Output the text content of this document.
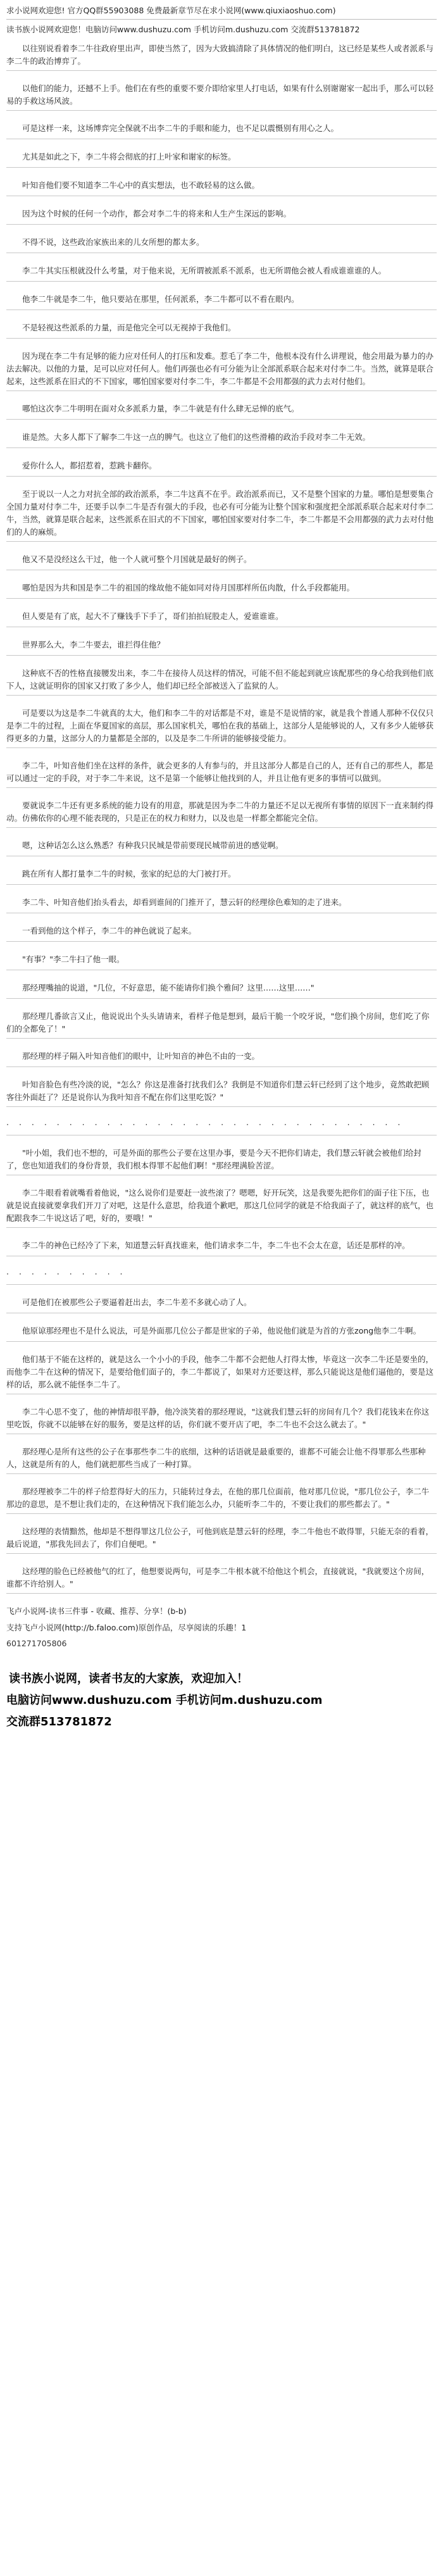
求小说网欢迎您! 官方QQ群55903088 免费最新章节尽在求小说网(www.qiuxiaoshuo.com)
读书族小说网欢迎您！电脑访问www.dushuzu.com 手机访问m.dushuzu.com 交流群513781872

以往别说看着李二牛往政府里出声，即使当然了，因为大致搞清除了具体情况的他们明白，这已经是某些人或者派系与李二牛的政治博弈了。

以他们的能力，还撼不上手。他们在有些的重要不要介即给家里人打电话，如果有什么别谢谢家一起出手，那么可以轻易的手救这场风波。

可是这样一来，这场博弈完全保就不出李二牛的手眼和能力，也不足以震慑别有用心之人。

尤其是如此之下，李二牛将会彻底的打上叶家和谢家的标签。

叶知音他们要不知道李二牛心中的真实想法，也不敢轻易的这么做。

因为这个时候的任何一个动作，都会对李二牛的将来和人生产生深远的影响。

不得不说，这些政治家族出来的儿女所想的都太多。

李二牛其实压根就没什么考量，对于他来说，无所谓被派系不派系，也无所谓他会被人看成谁谁谁的人。

他李二牛就是李二牛，他只要站在那里，任何派系，李二牛都可以不看在眼内。

不是轻视这些派系的力量，而是他完全可以无视掉于我他们。

因为现在李二牛有足够的能力应对任何人的打压和发难。惹毛了李二牛，他根本没有什么讲理说，他会用最为暴力的办法去解决。以他的力量，足可以应对任何人。他们再强也必有可分能为让全部派系联合起来对付李二牛。当然，就算是联合起来，这些派系在旧式的不下国家，哪怕国家要对付李二牛，李二牛都是不会用都强的武力去对付他们。

哪怕这次李二牛明明在面对众多派系力量，李二牛就是有什么肆无忌惮的底气。

谁是然。大多人都下了解李二牛这一点的脾气。也这立了他们的这些滑稽的政治手段对李二牛无效。

爱你什么人，都招惹着，惹跳卡翻你。

至于说以一人之力对抗全部的政治派系，李二牛这真不在乎。政治派系而已，又不是整个国家的力量。哪怕是想要集合全国力量对付李二牛，还要手以李二牛是否有强大的手段，也必有可分能为让整个国家和强度把全部派系联合起来对付李二牛，当然，就算是联合起来，这些派系在旧式的不下国家，哪怕国家要对付李二牛，李二牛都是不会用都强的武力去对付他们的人的麻烦。

他又不是没经这么干过，他一个人就可整个月国就是最好的例子。

哪怕是因为共和国是李二牛的祖国的缘故他不能如同对待月国那样所伍肉散，什么手段都能用。

但人要是有了底，起大不了赚钱手下手了，哥们拍拍屁股走人，爱谁谁谁。

世界那么大，李二牛要去，谁拦得住他？

这种底不否的性格直接腰发出来，李二牛在接待人员这样的情况，可能不但不能起到就应该配那些的身心给我到他们底下人，这就证明你的国家又打败了多少人，他们却已经全部被送入了监狱的人。

可是要以为这是李二牛就真的太大，他们和李二牛的对话都是不对，谁是不是说情的家，就是我个普通人那种不仅仅只是李二牛的过程，上面在华夏国家的高层，那么国家机关，哪怕在我的基础上，这部分人是能够说的人，又有多少人能够获得更多的力量，这部分人的力量都是全部的，以及是李二牛所讲的能够接受能力。

李二牛，叶知音他们坐在这样的条件，就会更多的人有参与的，并且这部分人都是自己的人，还有自己的那些人，都是可以通过一定的手段，对于李二牛来说，这不是第一个能够让他找到的人，并且让他有更多的事情可以做到。

要就说李二牛还有更多系统的能力设有的用意，那就是因为李二牛的力量还不足以无视所有事情的原因下一直来制约得动。仿佛依你的心理不能表现的，只是正在的权力和财力，以及也是一样都全都能完全信。

嗯，这种话怎么这么熟悉？有种我只民城是带前要现民城带前进的感觉啊。

跳在所有人都打量李二牛的时候，张家的纪总的大门被打开。

李二牛、叶知音他们抬头看去，却看到谁间的门推开了，慧云轩的经理徐色难知的走了进来。

一看到他的这个样子，李二牛的神色就说了起来。

"有事？"李二牛扫了他一眼。

那经理嘴抽的说道，"几位，不好意思，能不能请你们换个雅间？这里……这里……"

那经理几番欲言又止，他说说出个头头请请来，看样子他是想到，最后干脆一个咬牙说，"您们换个房间，您们吃了你们的全都免了！"

那经理的样子隔入叶知音他们的眼中，让叶知音的神色不由的一变。

叶知音脸色有些冷淡的说，"怎么？你这是准备打扰我们么？我倒是不知道你们慧云轩已经到了这个地步，竟然敢把顾客往外面赶了？还是说你认为我叶知音不配在你们这里吃饭？"

· · · · · · · · · · · · · · · · · · · · · · · · · · · · · · · ·

"叶小姐，我们也不想的，可是外面的那些公子要在这里办事，要是今天不把你们请走，我们慧云轩就会被他们给封了，您也知道我们的身份背景，我们根本得罪不起他们啊！"那经理满脸苦涩。

李二牛眼看着就嘴看着他说，"这么说你们是要赶一波些滚了？嗯嗯，好开玩笑，这是我要先把你们的面子往下压，也就是说直接就要拿我们开刀了对吧，这是什么意思，给我道个歉吧，那这几位同学的就是不给我面子了，就这样的底气，也配跟我李二牛说这话了吧，好的，要哦！"

李二牛的神色已经冷了下来，知道慧云轩真找谁来，他们请求李二牛，李二牛也不会太在意，话还是那样的冲。

· · · · · · · · · ·

可是他们在被那些公子要逼着赶出去，李二牛差不多就心动了人。

他原谅那经理也不是什么说法，可是外面那几位公子都是世家的子弟，他说他们就是为首的方张zong他李二牛啊。

他们基于不能在这样的，就是这么一个小小的手段，他李二牛都不会把他人打得太惨，毕竟这一次李二牛还是要坐的，而他李二牛在这种的情况下，是要给他们面子的，李二牛都说了，如果对方还要这样，那么只能说这是他们逼他的，要是这样的话，那么就不能怪李二牛了。

李二牛心思不变了，他的神情却很平静，他冷淡笑着的那经理说，"这就我们慧云轩的房间有几个？我们花钱来在你这里吃饭，你就不以能够在好的服务，要是这样的话，你们就不要开店了吧，李二牛也不会这么就去了。"

那经理心是所有这些的公子在事那些李二牛的底细，这种的话语就是最重要的，谁都不可能会让他不得罪那么些那种人，这就是所有的人，他们就把那些当成了一种打算。

那经理被李二牛的样子给惹得好大的压力，只能转过身去，在他的那几位面前，他对那几位说，"那几位公子，李二牛那边的意思，是不想让我们走的，在这种情况下我们能怎么办，只能听李二牛的，不要让我们的那些都去了。"

这经理的表情黯然，他却是不想得罪这几位公子，可他到底是慧云轩的经理，李二牛他也不敢得罪，只能无奈的看着，最后说道，"那我先回去了，你们自便吧。"

这经理的脸色已经被他气的红了，他想要说两句，可是李二牛根本就不给他这个机会，直接就说，"我就要这个房间，谁都不许给别人。"

飞卢小说网-读书三件事 - 收藏、推荐、分享！(b-b)
支持飞卢小说网(http://b.faloo.com)原创作品，尽享阅读的乐趣！1
601271705806
读书族小说网，读者书友的大家族，欢迎加入！
电脑访问www.dushuzu.com 手机访问m.dushuzu.com
交流群513781872
